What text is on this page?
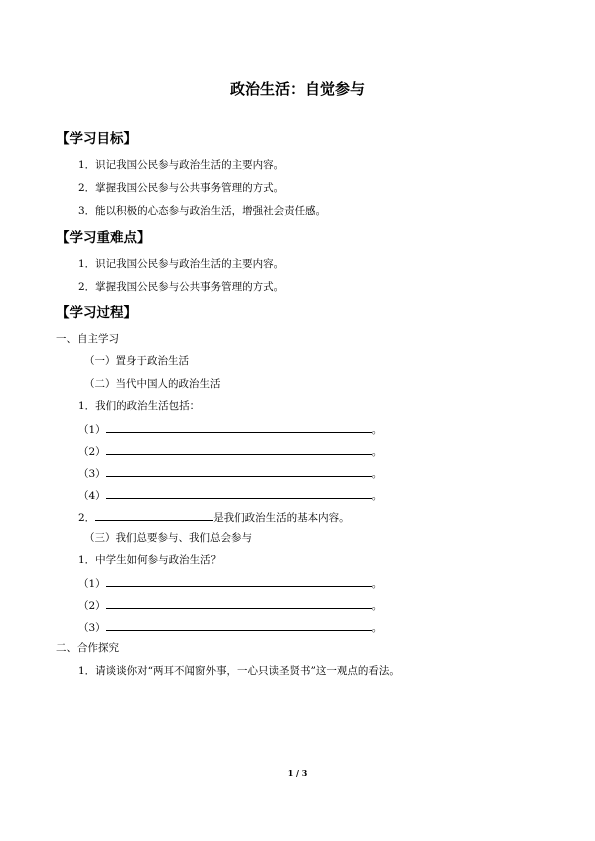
政治生活：自觉参与
【学习目标】
1．识记我国公民参与政治生活的主要内容。
2．掌握我国公民参与公共事务管理的方式。
3．能以积极的心态参与政治生活，增强社会责任感。
【学习重难点】
1．识记我国公民参与政治生活的主要内容。
2．掌握我国公民参与公共事务管理的方式。
【学习过程】
一、自主学习
（一）置身于政治生活
（二）当代中国人的政治生活
1．我们的政治生活包括：
（1）	。
（2）	。
（3）	。
（4）	。
2．	是我们政治生活的基本内容。
（三）我们总要参与、我们总会参与
1．中学生如何参与政治生活？
（1）	。
（2）	。
（3）	。
二、合作探究
1．请谈谈你对“两耳不闻窗外事，一心只读圣贤书”这一观点的看法。
1 / 3
